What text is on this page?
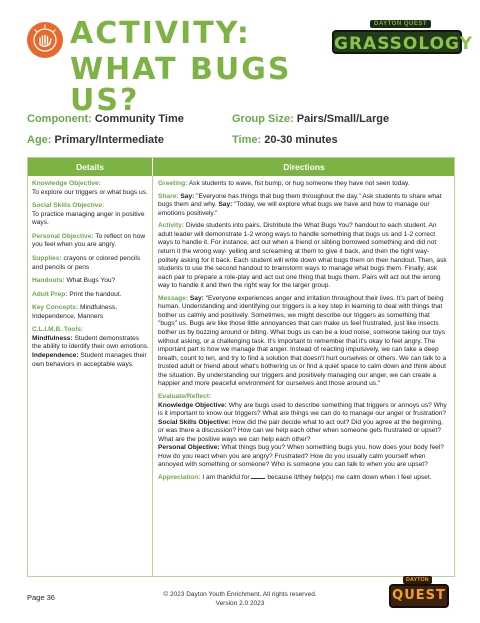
ACTIVITY:
WHAT BUGS US?
GRASSOLOGY
DAYTON QUEST
Component: Community Time	Group Size: Pairs/Small/Large
Age: Primary/Intermediate	Time: 20-30 minutes
Details	Directions
Knowledge Objective:
To explore our triggers or what bugs us.
Social Skills Objective:
To practice managing anger in positive ways.
Personal Objective: To reflect on how you feel when you are angry.
Supplies: crayons or colored pencils and pencils or pens
Handouts: What Bugs You?
Adult Prep: Print the handout.
Key Concepts: Mindfulness, Independence, Manners
C.L.I.M.B. Tools:
Mindfulness: Student demonstrates the ability to identify their own emotions.
Independence: Student manages their own behaviors in acceptable ways.
Greeting: Ask students to wave, fist bump, or hug someone they have not seen today.
Share: Say: "Everyone has things that bug them throughout the day." Ask students to share what bugs them and why. Say: "Today, we will explore what bugs we have and how to manage our emotions positively."
Activity: Divide students into pairs. Distribute the What Bugs You? handout to each student. An adult leader will demonstrate 1-2 wrong ways to handle something that bugs us and 1-2 correct ways to handle it. For instance, act out when a friend or sibling borrowed something and did not return it the wrong way- yelling and screaming at them to give it back, and then the right way- politely asking for it back. Each student will write down what bugs them on their handout. Then, ask students to use the second handout to brainstorm ways to manage what bugs them. Finally, ask each pair to prepare a role-play and act out one thing that bugs them. Pairs will act out the wrong way to handle it and then the right way for the larger group.
Message: Say: "Everyone experiences anger and irritation throughout their lives. It's part of being human. Understanding and identifying our triggers is a key step in learning to deal with things that bother us calmly and positively. Sometimes, we might describe our triggers as something that "bugs" us. Bugs are like those little annoyances that can make us feel frustrated, just like insects bother us by buzzing around or biting. What bugs us can be a loud noise, someone taking our toys without asking, or a challenging task. It's important to remember that it's okay to feel angry. The important part is how we manage that anger. Instead of reacting impulsively, we can take a deep breath, count to ten, and try to find a solution that doesn't hurt ourselves or others. We can talk to a trusted adult or friend about what's bothering us or find a quiet space to calm down and think about the situation. By understanding our triggers and positively managing our anger, we can create a happier and more peaceful environment for ourselves and those around us."
Evaluate/Reflect:
Knowledge Objective: Why are bugs used to describe something that triggers or annoys us? Why is it important to know our triggers? What are things we can do to manage our anger or frustration?
Social Skills Objective: How did the pair decide what to act out? Did you agree at the beginning, or was there a discussion? How can we help each other when someone gets frustrated or upset? What are the positive ways we can help each other?
Personal Objective: What things bug you? When something bugs you, how does your body feel? How do you react when you are angry? Frustrated? How do you usually calm yourself when annoyed with something or someone? Who is someone you can talk to when you are upset?
Appreciation: I am thankful for	because it/they help(s) me calm down when I feel upset.
Page 36	© 2023 Dayton Youth Enrichment. All rights reserved.
Version 2.0 2023
QUEST
DAYTON
